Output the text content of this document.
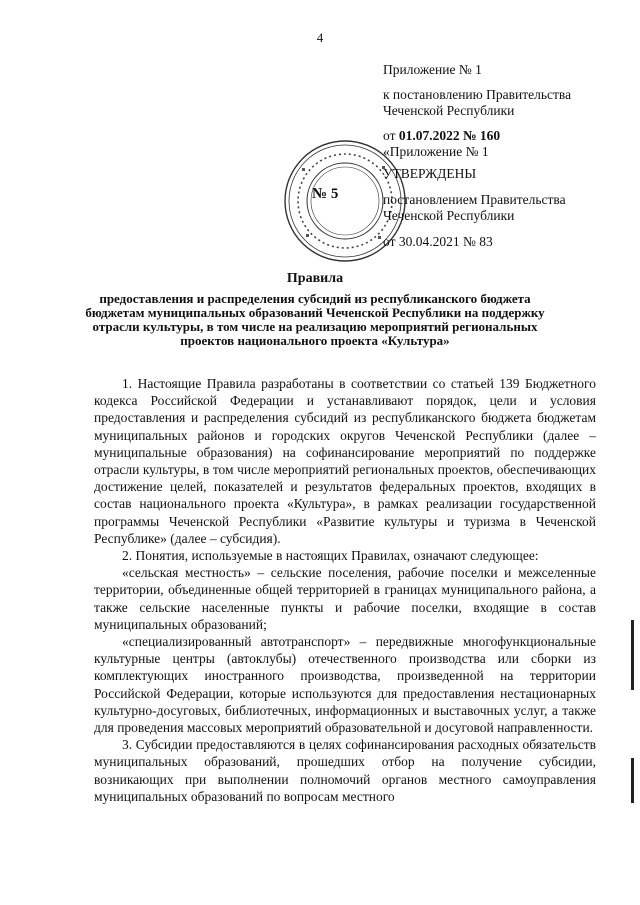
4

Приложение № 1

к постановлению Правительства

Чеченской Республики

от 01.07.2022 № 160

№ 5

«Приложение № 1

УТВЕРЖДЕНЫ

постановлением Правительства

Чеченской Республики

от 30.04.2021 № 83

Правила
предоставления и распределения субсидий из республиканского бюджета бюджетам муниципальных образований Чеченской Республики на поддержку отрасли культуры, в том числе на реализацию мероприятий региональных проектов национального проекта «Культура»

1. Настоящие Правила разработаны в соответствии со статьей 139 Бюджетного кодекса Российской Федерации и устанавливают порядок, цели и условия предоставления и распределения субсидий из республиканского бюджета бюджетам муниципальных районов и городских округов Чеченской Республики (далее – муниципальные образования) на софинансирование мероприятий по поддержке отрасли культуры, в том числе мероприятий региональных проектов, обеспечивающих достижение целей, показателей и результатов федеральных проектов, входящих в состав национального проекта «Культура», в рамках реализации государственной программы Чеченской Республики «Развитие культуры и туризма в Чеченской Республике» (далее – субсидия).

2. Понятия, используемые в настоящих Правилах, означают следующее:

«сельская местность» – сельские поселения, рабочие поселки и межселенные территории, объединенные общей территорией в границах муниципального района, а также сельские населенные пункты и рабочие поселки, входящие в состав муниципальных образований;

«специализированный автотранспорт» – передвижные многофункциональные культурные центры (автоклубы) отечественного производства или сборки из комплектующих иностранного производства, произведенной на территории Российской Федерации, которые используются для предоставления нестационарных культурно-досуговых, библиотечных, информационных и выставочных услуг, а также для проведения массовых мероприятий образовательной и досуговой направленности.

3. Субсидии предоставляются в целях софинансирования расходных обязательств муниципальных образований, прошедших отбор на получение субсидии, возникающих при выполнении полномочий органов местного самоуправления муниципальных образований по вопросам местного
